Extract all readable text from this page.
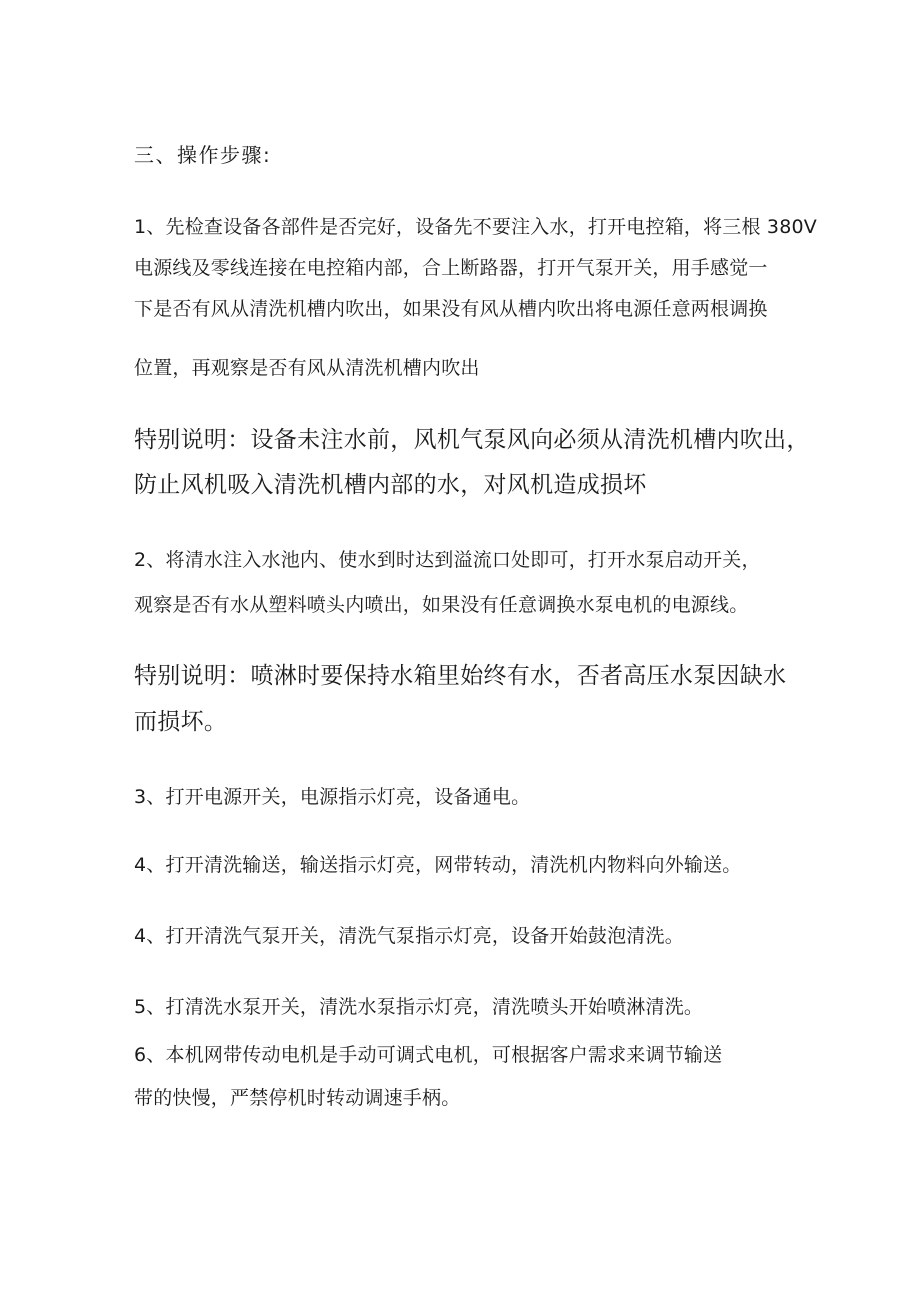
三、操作步骤:

1、先检查设备各部件是否完好，设备先不要注入水，打开电控箱，将三根 380V

电源线及零线连接在电控箱内部，合上断路器，打开气泵开关，用手感觉一

下是否有风从清洗机槽内吹出，如果没有风从槽内吹出将电源任意两根调换

位置，再观察是否有风从清洗机槽内吹出

特别说明：设备未注水前，风机气泵风向必须从清洗机槽内吹出，

防止风机吸入清洗机槽内部的水，对风机造成损坏

2、将清水注入水池内、使水到时达到溢流口处即可，打开水泵启动开关，

观察是否有水从塑料喷头内喷出，如果没有任意调换水泵电机的电源线。

特别说明：喷淋时要保持水箱里始终有水，否者高压水泵因缺水

而损坏。

3、打开电源开关，电源指示灯亮，设备通电。

4、打开清洗输送，输送指示灯亮，网带转动，清洗机内物料向外输送。

4、打开清洗气泵开关，清洗气泵指示灯亮，设备开始鼓泡清洗。

5、打清洗水泵开关，清洗水泵指示灯亮，清洗喷头开始喷淋清洗。

6、本机网带传动电机是手动可调式电机，可根据客户需求来调节输送

带的快慢，严禁停机时转动调速手柄。
